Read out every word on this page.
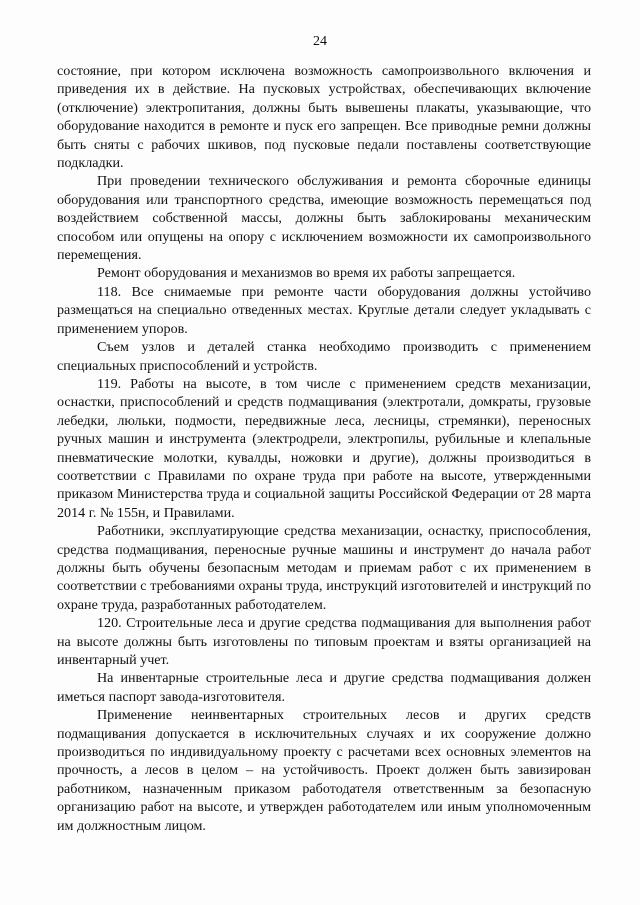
24

состояние, при котором исключена возможность самопроизвольного включения и приведения их в действие. На пусковых устройствах, обеспечивающих включение (отключение) электропитания, должны быть вывешены плакаты, указывающие, что оборудование находится в ремонте и пуск его запрещен. Все приводные ремни должны быть сняты с рабочих шкивов, под пусковые педали поставлены соответствующие подкладки.

При проведении технического обслуживания и ремонта сборочные единицы оборудования или транспортного средства, имеющие возможность перемещаться под воздействием собственной массы, должны быть заблокированы механическим способом или опущены на опору с исключением возможности их самопроизвольного перемещения.

Ремонт оборудования и механизмов во время их работы запрещается.

118. Все снимаемые при ремонте части оборудования должны устойчиво размещаться на специально отведенных местах. Круглые детали следует укладывать с применением упоров.

Съем узлов и деталей станка необходимо производить с применением специальных приспособлений и устройств.

119. Работы на высоте, в том числе с применением средств механизации, оснастки, приспособлений и средств подмащивания (электротали, домкраты, грузовые лебедки, люльки, подмости, передвижные леса, лесницы, стремянки), переносных ручных машин и инструмента (электродрели, электропилы, рубильные и клепальные пневматические молотки, кувалды, ножовки и другие), должны производиться в соответствии с Правилами по охране труда при работе на высоте, утвержденными приказом Министерства труда и социальной защиты Российской Федерации от 28 марта 2014 г. № 155н, и Правилами.

Работники, эксплуатирующие средства механизации, оснастку, приспособления, средства подмащивания, переносные ручные машины и инструмент до начала работ должны быть обучены безопасным методам и приемам работ с их применением в соответствии с требованиями охраны труда, инструкций изготовителей и инструкций по охране труда, разработанных работодателем.

120. Строительные леса и другие средства подмащивания для выполнения работ на высоте должны быть изготовлены по типовым проектам и взяты организацией на инвентарный учет.

На инвентарные строительные леса и другие средства подмащивания должен иметься паспорт завода-изготовителя.

Применение неинвентарных строительных лесов и других средств подмащивания допускается в исключительных случаях и их сооружение должно производиться по индивидуальному проекту с расчетами всех основных элементов на прочность, а лесов в целом – на устойчивость. Проект должен быть завизирован работником, назначенным приказом работодателя ответственным за безопасную организацию работ на высоте, и утвержден работодателем или иным уполномоченным им должностным лицом.
